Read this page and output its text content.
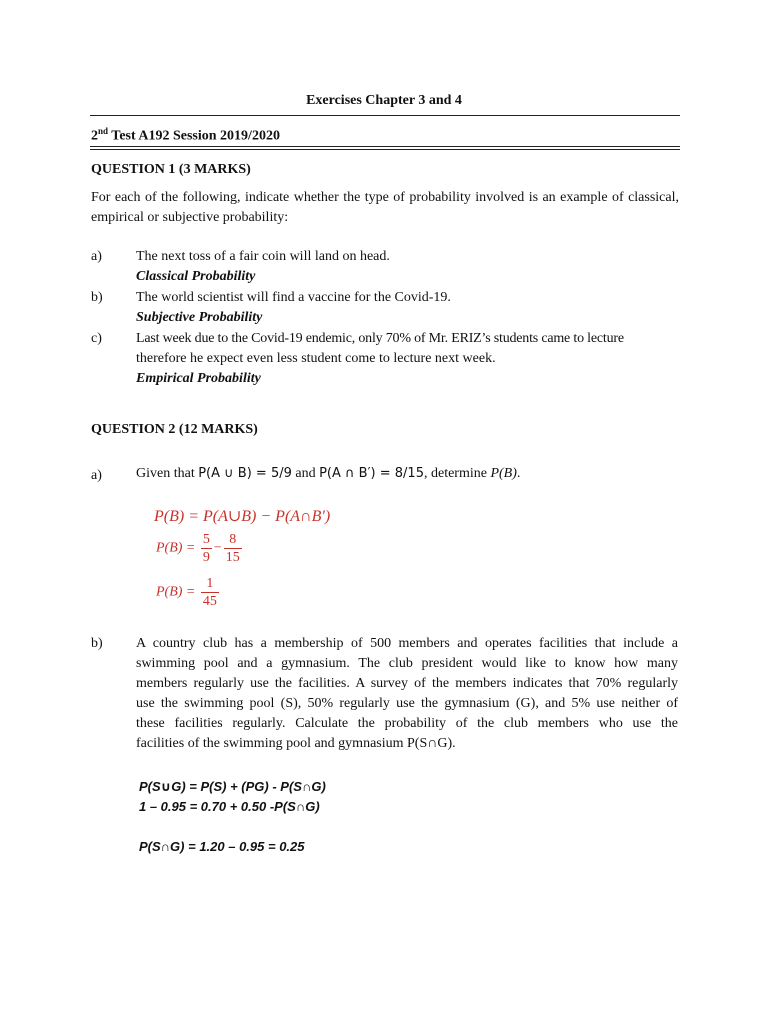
Exercises Chapter 3 and 4
2nd Test A192 Session 2019/2020
QUESTION 1 (3 MARKS)
For each of the following, indicate whether the type of probability involved is an example of classical, empirical or subjective probability:
a) The next toss of a fair coin will land on head.
Classical Probability
b) The world scientist will find a vaccine for the Covid-19.
Subjective Probability
c) Last week due to the Covid-19 endemic, only 70% of Mr. ERIZ’s students came to lecture
therefore he expect even less student come to lecture next week.
Empirical Probability
QUESTION 2 (12 MARKS)
a) Given that P(A ∪ B) = 5/9 and P(A ∩ B′) = 8/15, determine P(B).
P(B) = P(A∪B) − P(A∩B′)
$P(B) = \frac{5}{9} - \frac{8}{15}$
$P(B) = \frac{1}{45}$
b) A country club has a membership of 500 members and operates facilities that include a
swimming pool and a gymnasium. The club president would like to know how many
members regularly use the facilities. A survey of the members indicates that 70% regularly
use the swimming pool (S), 50% regularly use the gymnasium (G), and 5% use neither of
these facilities regularly. Calculate the probability of the club members who use the
facilities of the swimming pool and gymnasium P(S∩G).
P(S∪G) = P(S) + (PG) - P(S∩G)
1 – 0.95 = 0.70 + 0.50 -P(S∩G)
P(S∩G) = 1.20 – 0.95 = 0.25
